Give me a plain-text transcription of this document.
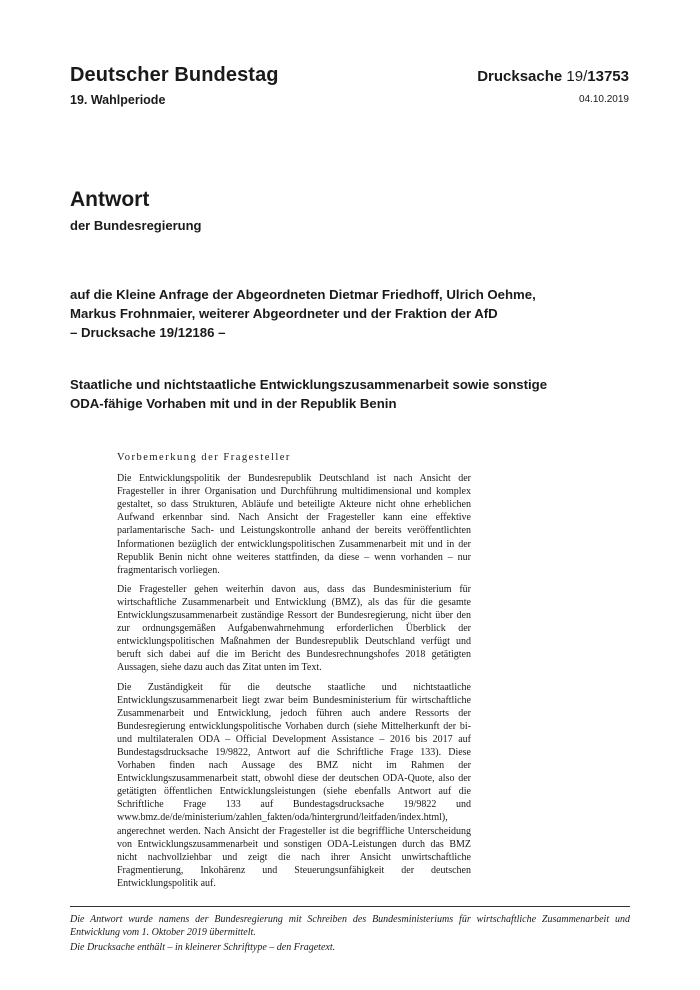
Deutscher Bundestag
19. Wahlperiode
Drucksache 19/13753
04.10.2019
Antwort
der Bundesregierung
auf die Kleine Anfrage der Abgeordneten Dietmar Friedhoff, Ulrich Oehme,
Markus Frohnmaier, weiterer Abgeordneter und der Fraktion der AfD
– Drucksache 19/12186 –
Staatliche und nichtstaatliche Entwicklungszusammenarbeit sowie sonstige
ODA-fähige Vorhaben mit und in der Republik Benin
Vorbemerkung der Fragesteller

Die Entwicklungspolitik der Bundesrepublik Deutschland ist nach Ansicht der Fragesteller in ihrer Organisation und Durchführung multidimensional und komplex gestaltet, so dass Strukturen, Abläufe und beteiligte Akteure nicht ohne erheblichen Aufwand erkennbar sind. Nach Ansicht der Fragesteller kann eine effektive parlamentarische Sach- und Leistungskontrolle anhand der bereits veröffentlichten Informationen bezüglich der entwicklungspolitischen Zusammenarbeit mit und in der Republik Benin nicht ohne weiteres stattfinden, da diese – wenn vorhanden – nur fragmentarisch vorliegen.

Die Fragesteller gehen weiterhin davon aus, dass das Bundesministerium für wirtschaftliche Zusammenarbeit und Entwicklung (BMZ), als das für die gesamte Entwicklungszusammenarbeit zuständige Ressort der Bundesregierung, nicht über den zur ordnungsgemäßen Aufgabenwahrnehmung erforderlichen Überblick der entwicklungspolitischen Maßnahmen der Bundesrepublik Deutschland verfügt und beruft sich dabei auf die im Bericht des Bundesrechnungshofes 2018 getätigten Aussagen, siehe dazu auch das Zitat unten im Text.

Die Zuständigkeit für die deutsche staatliche und nichtstaatliche Entwicklungszusammenarbeit liegt zwar beim Bundesministerium für wirtschaftliche Zusammenarbeit und Entwicklung, jedoch führen auch andere Ressorts der Bundesregierung entwicklungspolitische Vorhaben durch (siehe Mittelherkunft der bi- und multilateralen ODA – Official Development Assistance – 2016 bis 2017 auf Bundestagsdrucksache 19/9822, Antwort auf die Schriftliche Frage 133). Diese Vorhaben finden nach Aussage des BMZ nicht im Rahmen der Entwicklungszusammenarbeit statt, obwohl diese der deutschen ODA-Quote, also der getätigten öffentlichen Entwicklungsleistungen (siehe ebenfalls Antwort auf die Schriftliche Frage 133 auf Bundestagsdrucksache 19/9822 und www.bmz.de/de/ministerium/zahlen_fakten/oda/hintergrund/leitfaden/index.html), angerechnet werden. Nach Ansicht der Fragesteller ist die begriffliche Unterscheidung von Entwicklungszusammenarbeit und sonstigen ODA-Leistungen durch das BMZ nicht nachvollziehbar und zeigt die nach ihrer Ansicht unwirtschaftliche Fragmentierung, Inkohärenz und Steuerungsunfähigkeit der deutschen Entwicklungspolitik auf.

Die Antwort wurde namens der Bundesregierung mit Schreiben des Bundesministeriums für wirtschaftliche Zusammenarbeit und Entwicklung vom 1. Oktober 2019 übermittelt.

Die Drucksache enthält – in kleinerer Schrifttype – den Fragetext.
